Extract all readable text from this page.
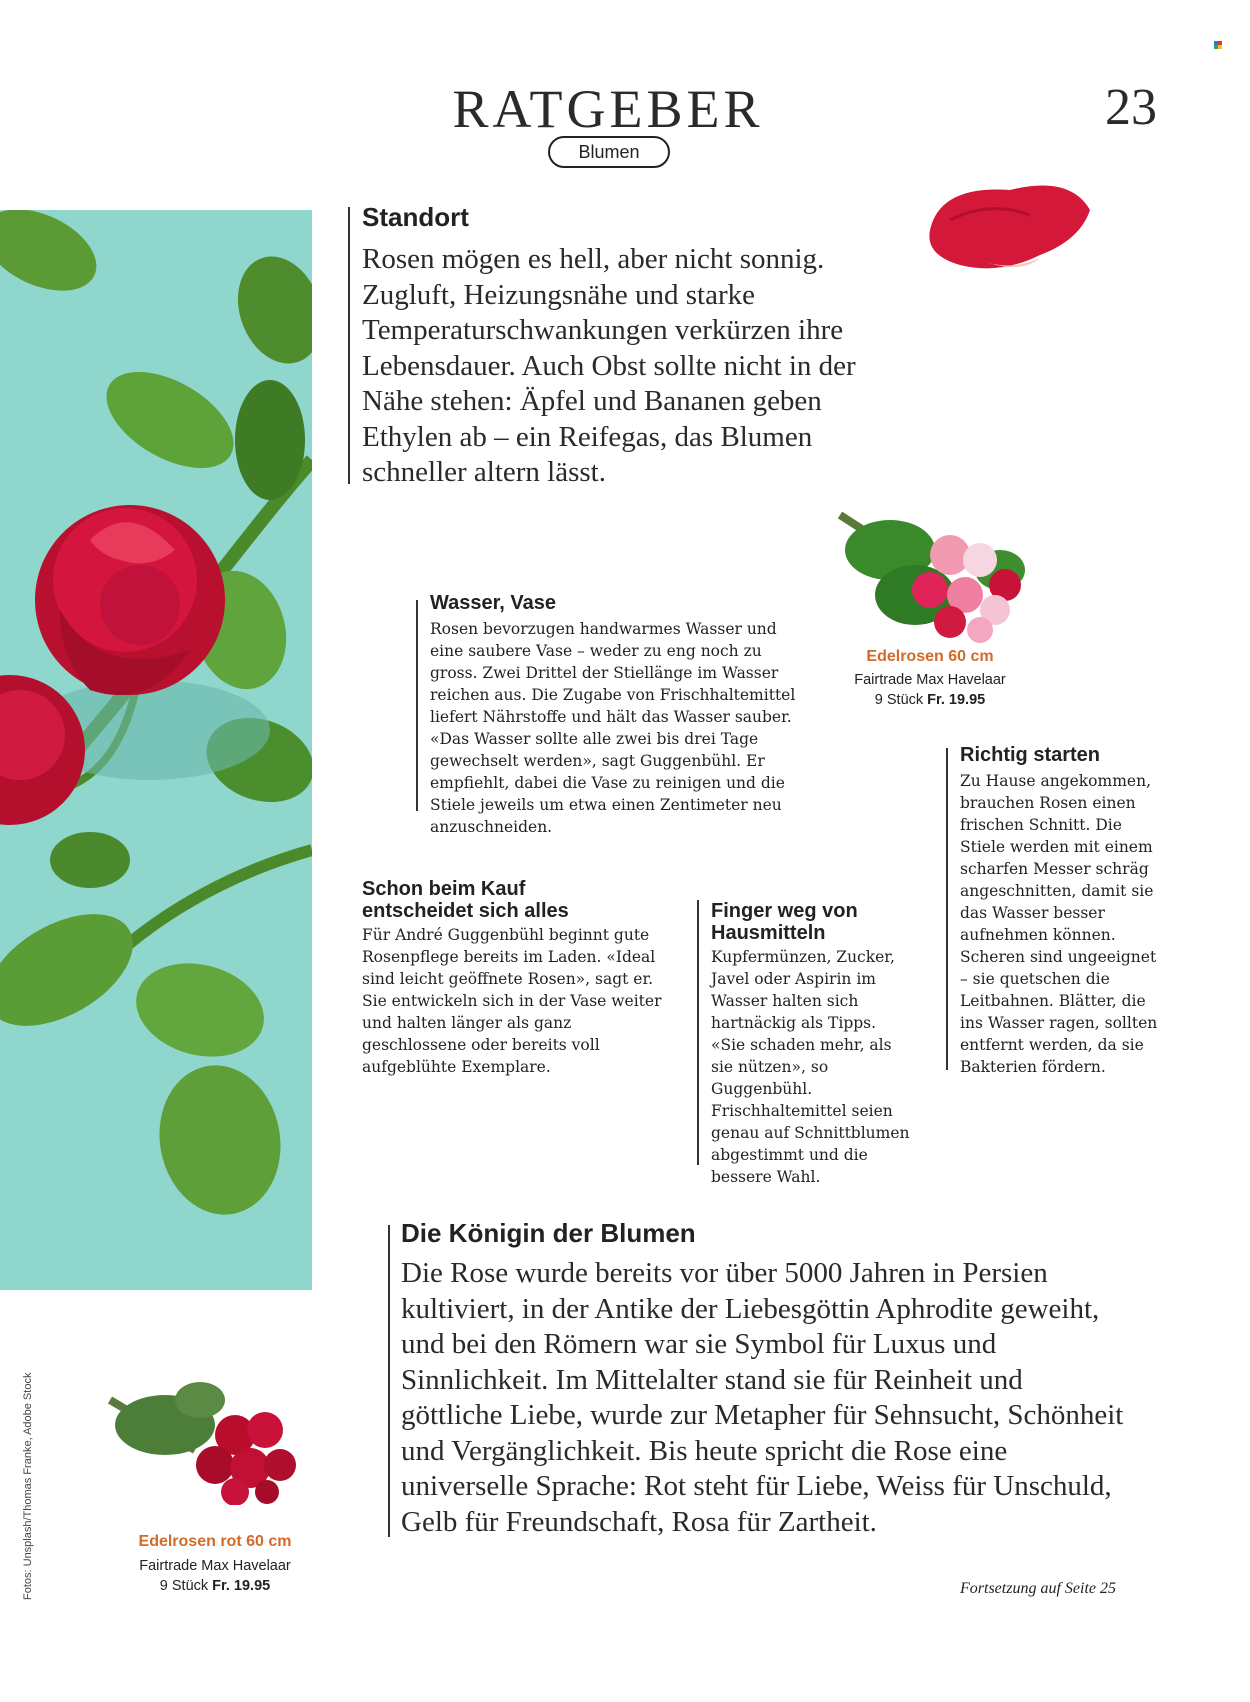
RATGEBER	23
Blumen
Standort

Rosen mögen es hell, aber nicht sonnig. Zugluft, Heizungsnähe und starke Temperaturschwankungen verkürzen ihre Lebensdauer. Auch Obst sollte nicht in der Nähe stehen: Äpfel und Bananen geben Ethylen ab – ein Reifegas, das Blumen schneller altern lässt.

Edelrosen 60 cm
Fairtrade Max Havelaar
9 Stück Fr. 19.95
Wasser, Vase

Rosen bevorzugen handwarmes Wasser und eine saubere Vase – weder zu eng noch zu gross. Zwei Drittel der Stiellänge im Wasser reichen aus. Die Zugabe von Frischhaltemittel liefert Nährstoffe und hält das Wasser sauber. «Das Wasser sollte alle zwei bis drei Tage gewechselt werden», sagt Guggenbühl. Er empfiehlt, dabei die Vase zu reinigen und die Stiele jeweils um etwa einen Zentimeter neu anzuschneiden.

Schon beim Kauf
entscheidet sich alles

Für André Guggenbühl beginnt gute Rosenpflege bereits im Laden. «Ideal sind leicht geöffnete Rosen», sagt er. Sie entwickeln sich in der Vase weiter und halten länger als ganz geschlossene oder bereits voll aufgeblühte Exemplare.

Finger weg von
Hausmitteln

Kupfermünzen, Zucker, Javel oder Aspirin im Wasser halten sich hartnäckig als Tipps. «Sie schaden mehr, als sie nützen», so Guggenbühl. Frischhaltemittel seien genau auf Schnittblumen abgestimmt und die bessere Wahl.

Richtig starten

Zu Hause angekommen, brauchen Rosen einen frischen Schnitt. Die Stiele werden mit einem scharfen Messer schräg angeschnitten, damit sie das Wasser besser aufnehmen können. Scheren sind ungeeignet – sie quetschen die Leitbahnen. Blätter, die ins Wasser ragen, sollten entfernt werden, da sie Bakterien fördern.

Die Königin der Blumen

Die Rose wurde bereits vor über 5000 Jahren in Persien kultiviert, in der Antike der Liebesgöttin Aphrodite geweiht, und bei den Römern war sie Symbol für Luxus und Sinnlichkeit. Im Mittelalter stand sie für Reinheit und göttliche Liebe, wurde zur Metapher für Sehnsucht, Schönheit und Vergänglichkeit. Bis heute spricht die Rose eine universelle Sprache: Rot steht für Liebe, Weiss für Unschuld, Gelb für Freundschaft, Rosa für Zartheit.

Edelrosen rot 60 cm
Fairtrade Max Havelaar
9 Stück Fr. 19.95
Fotos: Unsplash/Thomas Franke, Adobe Stock	Fortsetzung auf Seite 25
